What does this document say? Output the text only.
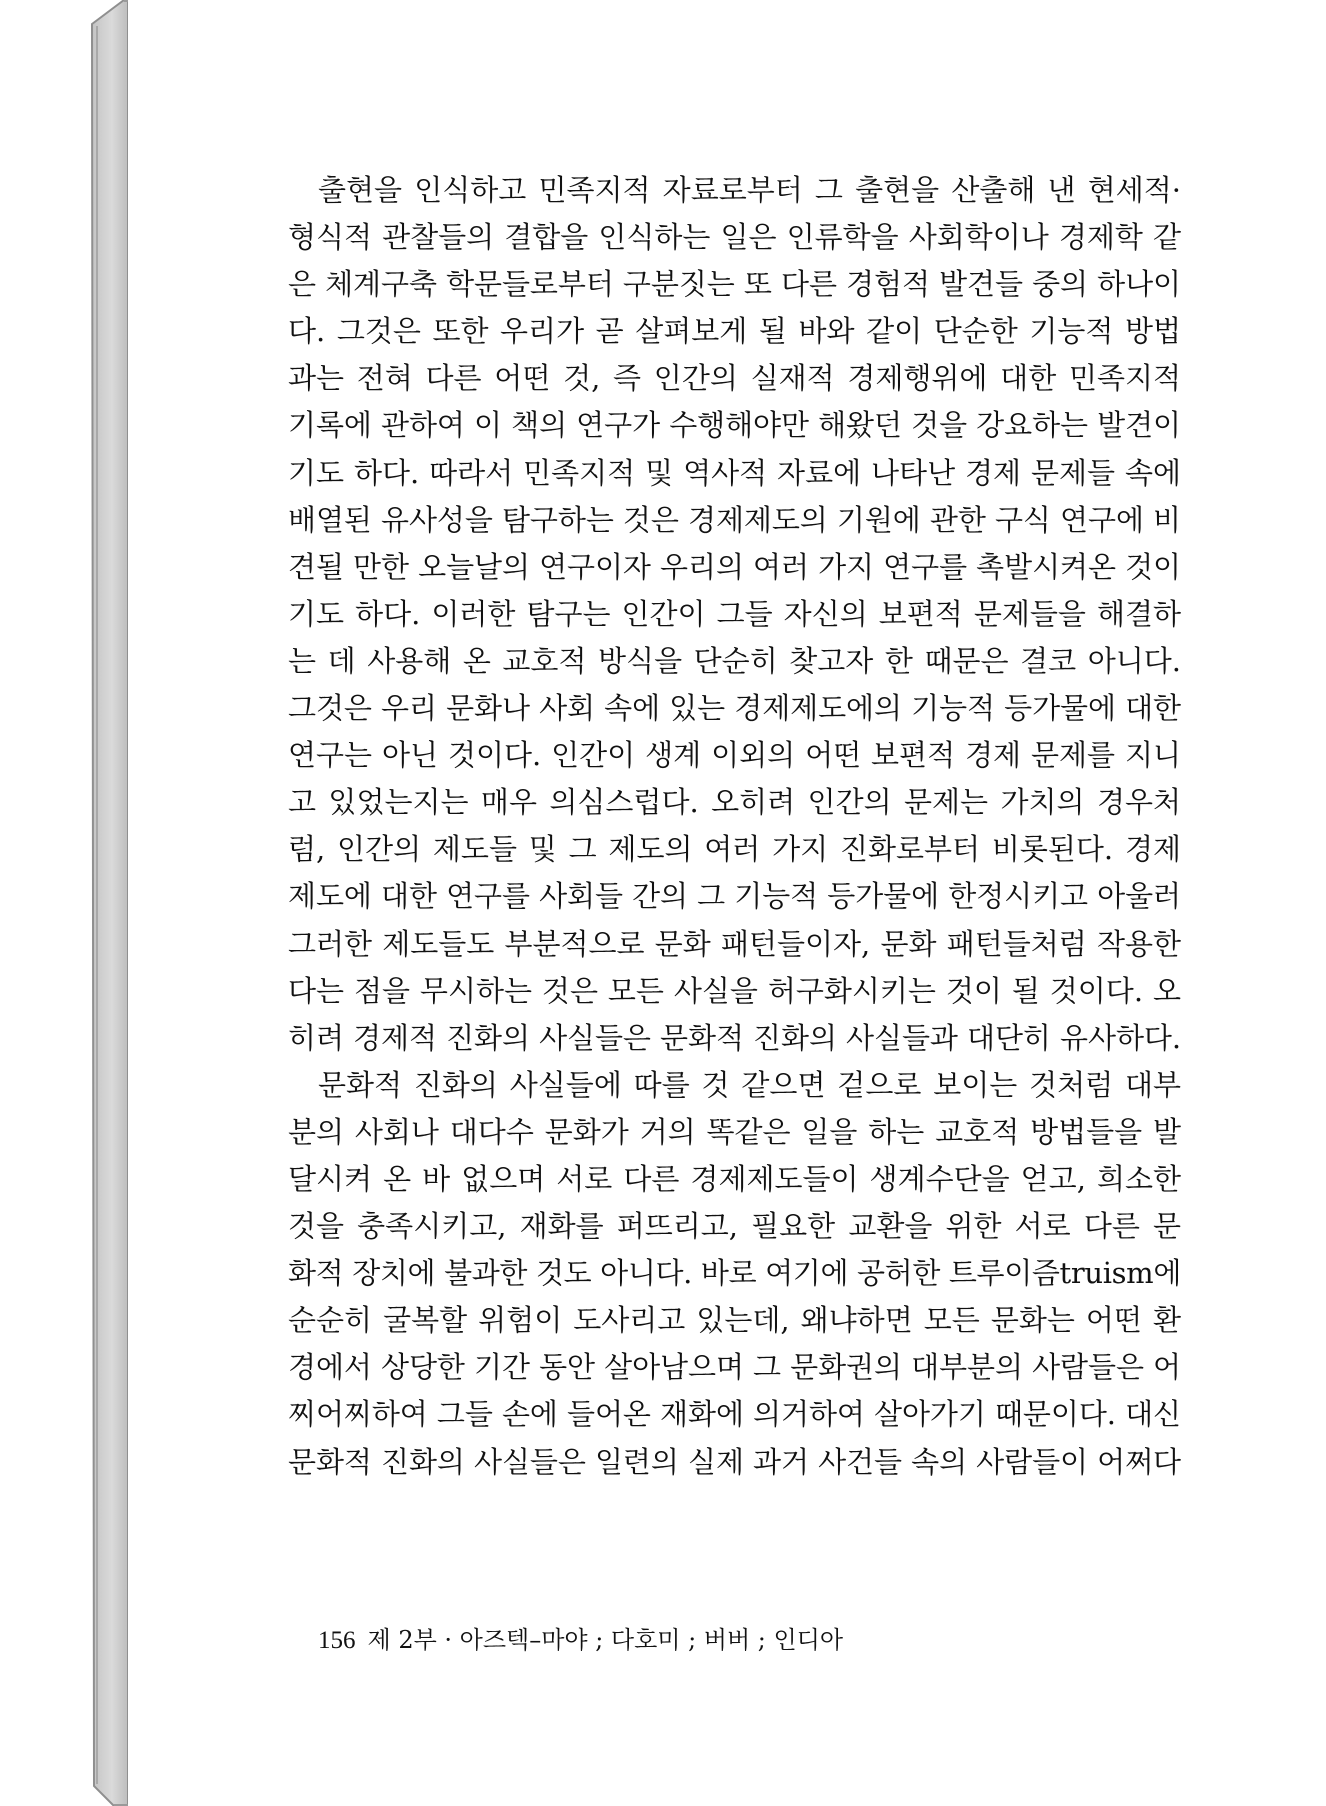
출현을 인식하고 민족지적 자료로부터 그 출현을 산출해 낸 현세적·
형식적 관찰들의 결합을 인식하는 일은 인류학을 사회학이나 경제학 같
은 체계구축 학문들로부터 구분짓는 또 다른 경험적 발견들 중의 하나이
다. 그것은 또한 우리가 곧 살펴보게 될 바와 같이 단순한 기능적 방법
과는 전혀 다른 어떤 것, 즉 인간의 실재적 경제행위에 대한 민족지적
기록에 관하여 이 책의 연구가 수행해야만 해왔던 것을 강요하는 발견이
기도 하다. 따라서 민족지적 및 역사적 자료에 나타난 경제 문제들 속에
배열된 유사성을 탐구하는 것은 경제제도의 기원에 관한 구식 연구에 비
견될 만한 오늘날의 연구이자 우리의 여러 가지 연구를 촉발시켜온 것이
기도 하다. 이러한 탐구는 인간이 그들 자신의 보편적 문제들을 해결하
는 데 사용해 온 교호적 방식을 단순히 찾고자 한 때문은 결코 아니다.
그것은 우리 문화나 사회 속에 있는 경제제도에의 기능적 등가물에 대한
연구는 아닌 것이다. 인간이 생계 이외의 어떤 보편적 경제 문제를 지니
고 있었는지는 매우 의심스럽다. 오히려 인간의 문제는 가치의 경우처
럼, 인간의 제도들 및 그 제도의 여러 가지 진화로부터 비롯된다. 경제
제도에 대한 연구를 사회들 간의 그 기능적 등가물에 한정시키고 아울러
그러한 제도들도 부분적으로 문화 패턴들이자, 문화 패턴들처럼 작용한
다는 점을 무시하는 것은 모든 사실을 허구화시키는 것이 될 것이다. 오
히려 경제적 진화의 사실들은 문화적 진화의 사실들과 대단히 유사하다.
문화적 진화의 사실들에 따를 것 같으면 겉으로 보이는 것처럼 대부
분의 사회나 대다수 문화가 거의 똑같은 일을 하는 교호적 방법들을 발
달시켜 온 바 없으며 서로 다른 경제제도들이 생계수단을 얻고, 희소한
것을 충족시키고, 재화를 퍼뜨리고, 필요한 교환을 위한 서로 다른 문
화적 장치에 불과한 것도 아니다. 바로 여기에 공허한 트루이즘truism에
순순히 굴복할 위험이 도사리고 있는데, 왜냐하면 모든 문화는 어떤 환
경에서 상당한 기간 동안 살아남으며 그 문화권의 대부분의 사람들은 어
찌어찌하여 그들 손에 들어온 재화에 의거하여 살아가기 때문이다. 대신
문화적 진화의 사실들은 일련의 실제 과거 사건들 속의 사람들이 어쩌다
156 제 2부 · 아즈텍–마야 ; 다호미 ; 버버 ; 인디아
